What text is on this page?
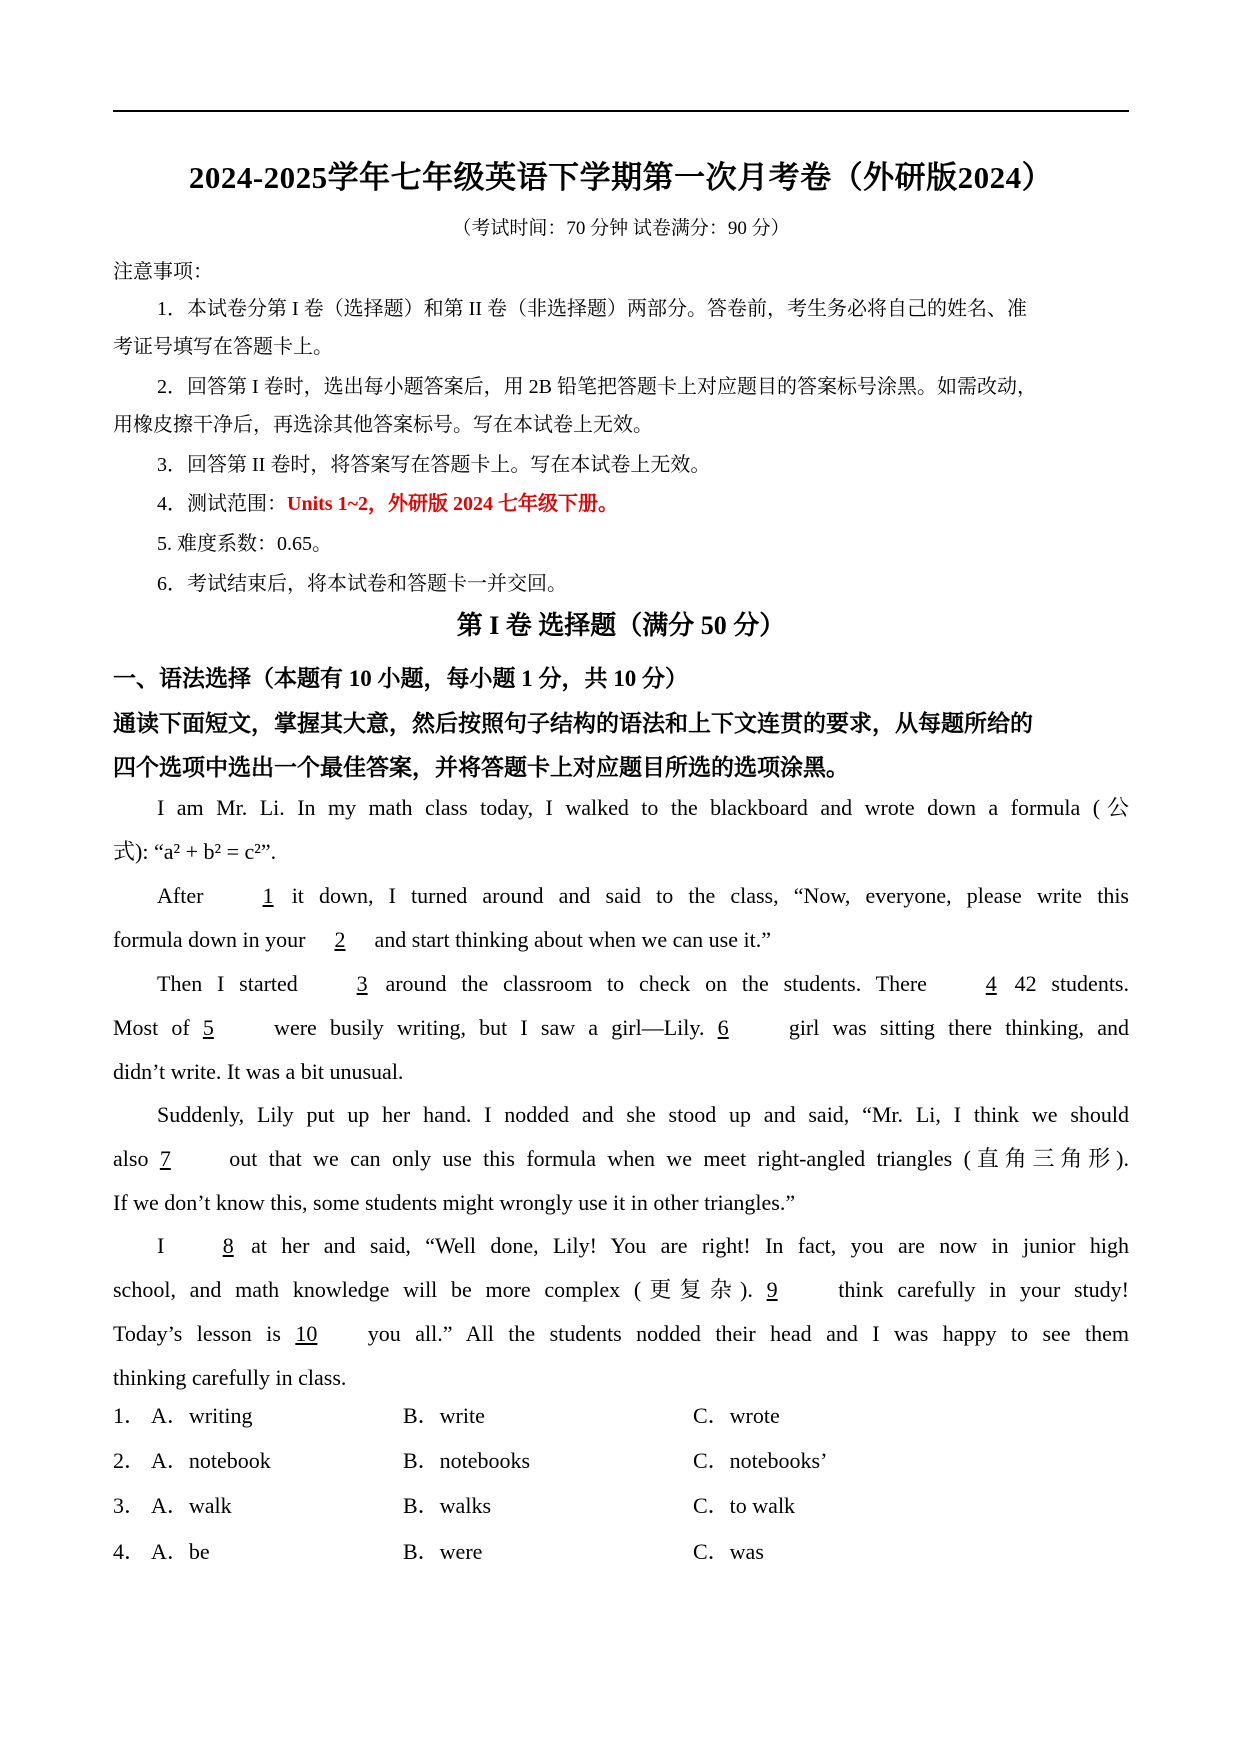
2024-2025学年七年级英语下学期第一次月考卷（外研版2024）
（考试时间：70 分钟 试卷满分：90 分）
注意事项：
1．本试卷分第 I 卷（选择题）和第 II 卷（非选择题）两部分。答卷前，考生务必将自己的姓名、准
考证号填写在答题卡上。
2．回答第 I 卷时，选出每小题答案后，用 2B 铅笔把答题卡上对应题目的答案标号涂黑。如需改动，
用橡皮擦干净后，再选涂其他答案标号。写在本试卷上无效。
3．回答第 II 卷时，将答案写在答题卡上。写在本试卷上无效。
4．测试范围：Units 1~2，外研版 2024 七年级下册。
5. 难度系数：0.65。
6．考试结束后，将本试卷和答题卡一并交回。
第 I 卷 选择题（满分 50 分）
一、语法选择（本题有 10 小题，每小题 1 分，共 10 分）
通读下面短文，掌握其大意，然后按照句子结构的语法和上下文连贯的要求，从每题所给的
四个选项中选出一个最佳答案，并将答题卡上对应题目所选的选项涂黑。
I am Mr. Li. In my math class today, I walked to the blackboard and wrote down a formula (公
式): “a² + b² = c²”.
After 1 it down, I turned around and said to the class, “Now, everyone, please write this
formula down in your 2 and start thinking about when we can use it.”
Then I started 3 around the classroom to check on the students. There 4 42 students.
Most of 5 were busily writing, but I saw a girl—Lily. 6 girl was sitting there thinking, and
didn’t write. It was a bit unusual.
Suddenly, Lily put up her hand. I nodded and she stood up and said, “Mr. Li, I think we should
also 7 out that we can only use this formula when we meet right-angled triangles (直角三角形).
If we don’t know this, some students might wrongly use it in other triangles.”
I 8 at her and said, “Well done, Lily! You are right! In fact, you are now in junior high
school, and math knowledge will be more complex (更复杂). 9 think carefully in your study!
Today’s lesson is 10 you all.” All the students nodded their head and I was happy to see them
thinking carefully in class.
1． A．writing	B．write	C．wrote
2． A．notebook	B．notebooks	C．notebooks’
3． A．walk	B．walks	C．to walk
4． A．be	B．were	C．was
